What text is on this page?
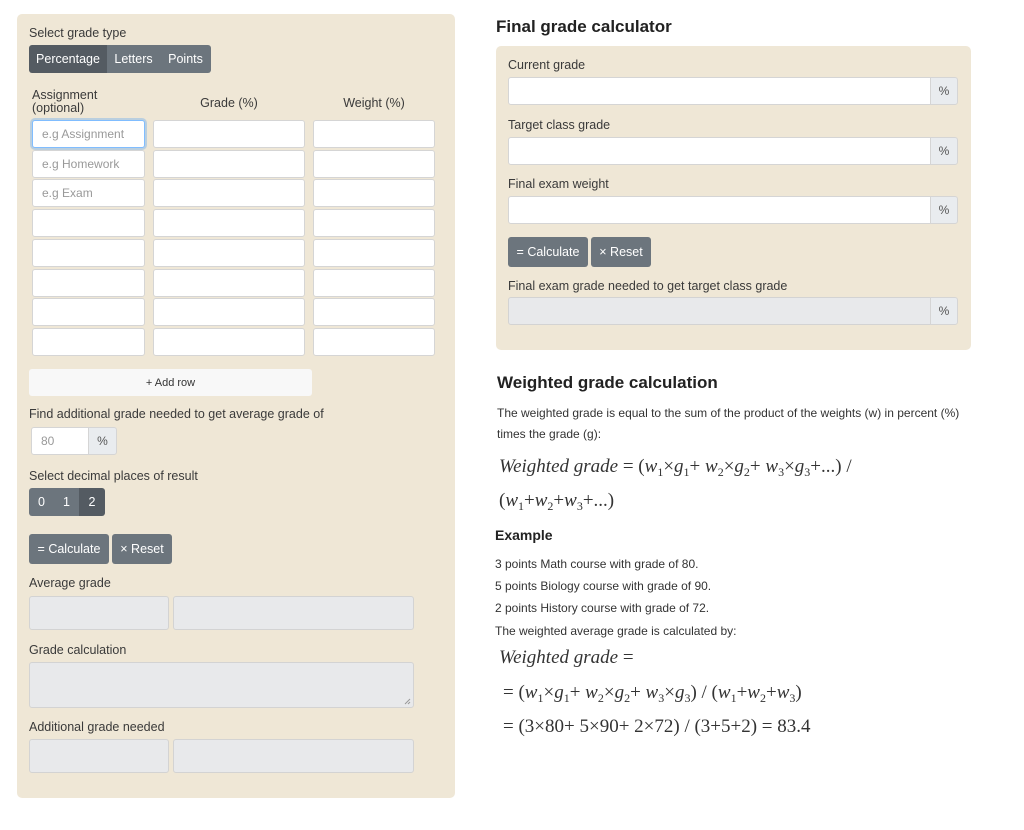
Select grade type
Percentage	Letters	Points
Assignment (optional)	Grade (%)	Weight (%)
e.g Assignment
e.g Homework
e.g Exam
+ Add row
Find additional grade needed to get average grade of
80	%
Select decimal places of result
0	1	2
= Calculate	× Reset
Average grade
Grade calculation
Additional grade needed
Final grade calculator
Current grade
%
Target class grade
%
Final exam weight
%
= Calculate	× Reset
Final exam grade needed to get target class grade
%
Weighted grade calculation
The weighted grade is equal to the sum of the product of the weights (w) in percent (%) times the grade (g):
Weighted grade = $(w_1\times g_1+ w_2\times g_2+ w_3\times g_3+...)$ /
$(w_1+w_2+w_3+...)$
Example
3 points Math course with grade of 80.
5 points Biology course with grade of 90.
2 points History course with grade of 72.
The weighted average grade is calculated by:
Weighted grade =
= $(w_1\times g_1+ w_2\times g_2+ w_3\times g_3) / (w_1+w_2+w_3)$
= (3×80+ 5×90+ 2×72) / (3+5+2) = 83.4
